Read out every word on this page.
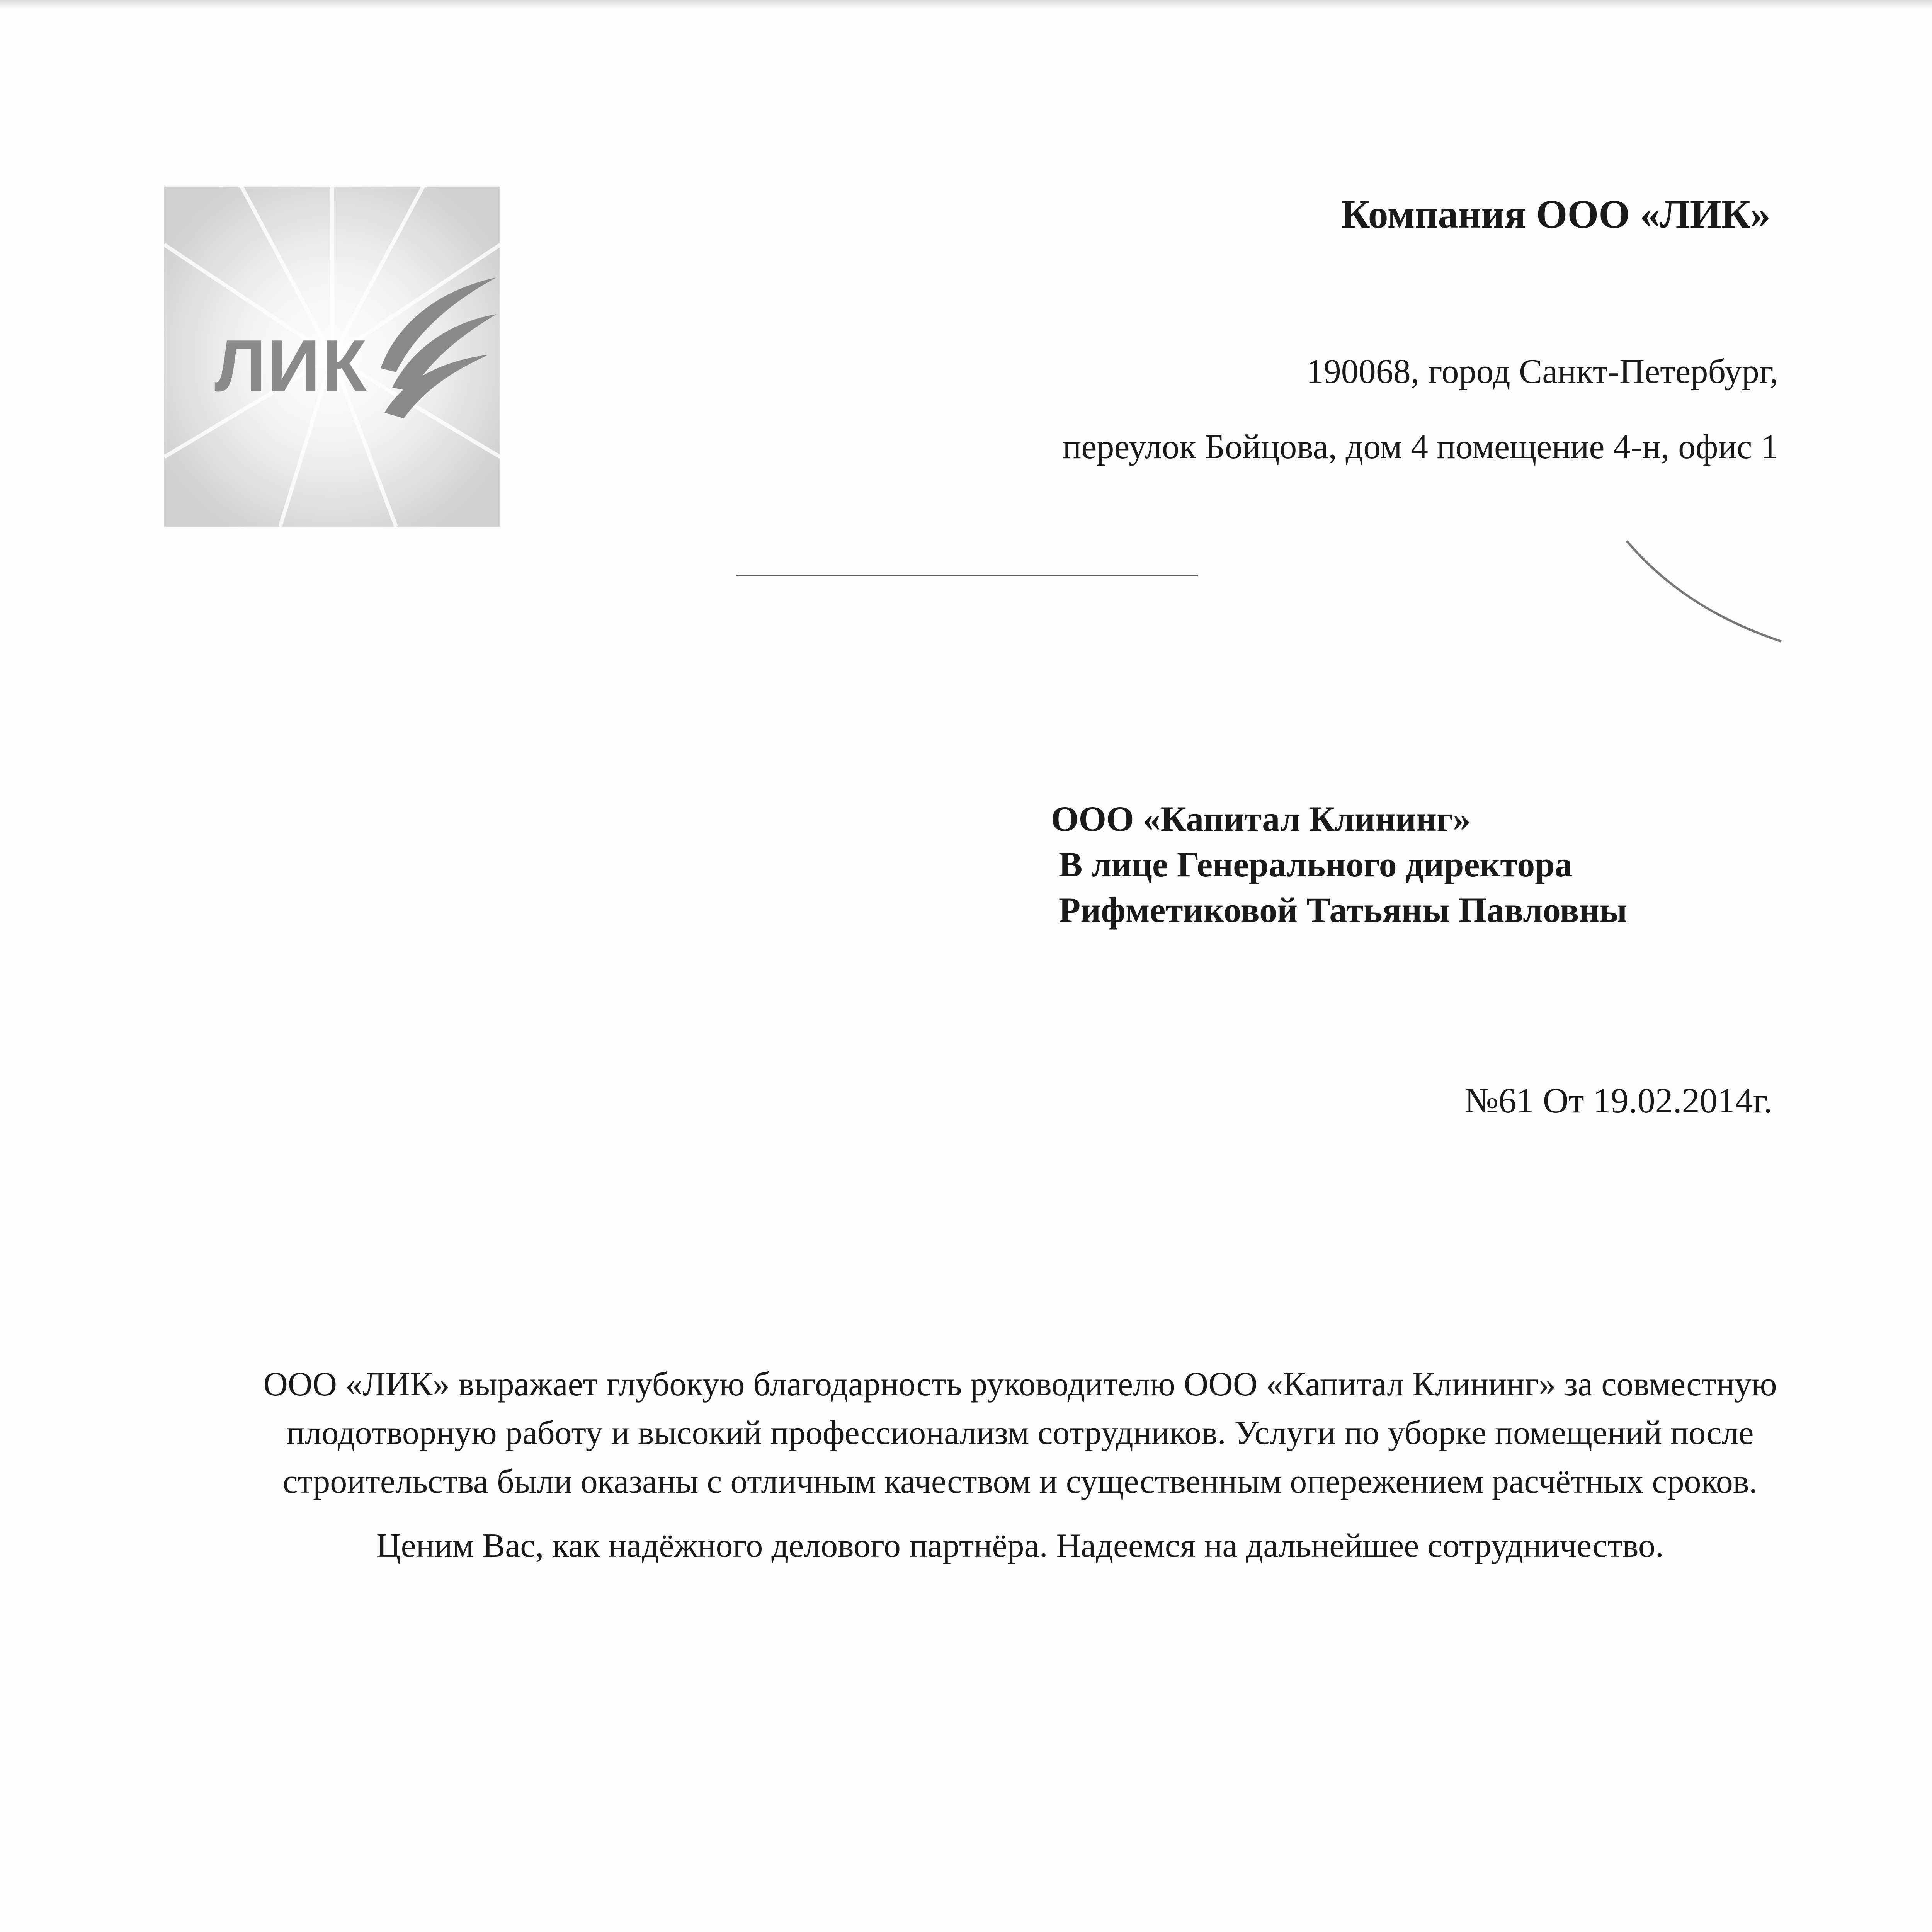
ЛИК
Компания ООО «ЛИК»
190068, город Санкт-Петербург,
переулок Бойцова, дом 4 помещение 4-н, офис 1
ООО «Капитал Клининг»
В лице Генерального директора
Рифметиковой Татьяны Павловны
№61 От 19.02.2014г.

ООО «ЛИК» выражает глубокую благодарность руководителю ООО «Капитал Клининг» за совместную плодотворную работу и высокий профессионализм сотрудников. Услуги по уборке помещений после строительства были оказаны с отличным качеством и существенным опережением расчётных сроков.

Ценим Вас, как надёжного делового партнёра. Надеемся на дальнейшее сотрудничество.
